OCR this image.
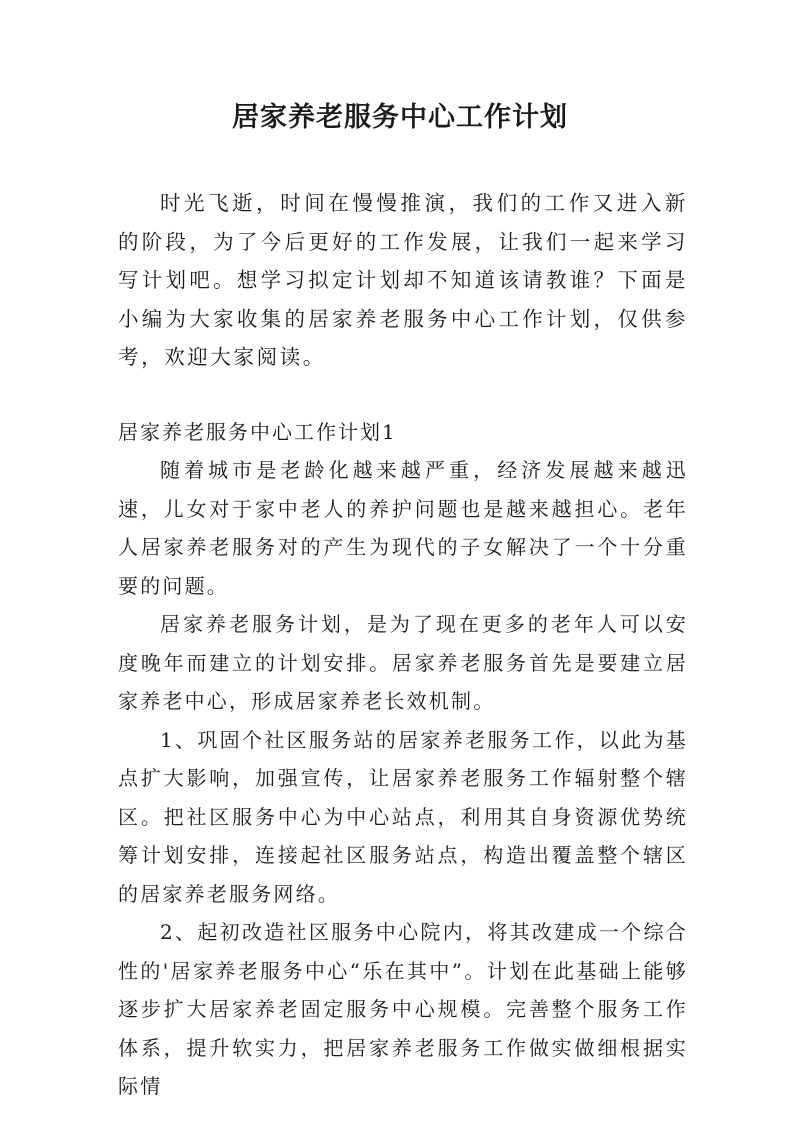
居家养老服务中心工作计划

时光飞逝，时间在慢慢推演，我们的工作又进入新的阶段，为了今后更好的工作发展，让我们一起来学习写计划吧。想学习拟定计划却不知道该请教谁？下面是小编为大家收集的居家养老服务中心工作计划，仅供参考，欢迎大家阅读。

居家养老服务中心工作计划1

随着城市是老龄化越来越严重，经济发展越来越迅速，儿女对于家中老人的养护问题也是越来越担心。老年人居家养老服务对的产生为现代的子女解决了一个十分重要的问题。

居家养老服务计划，是为了现在更多的老年人可以安度晚年而建立的计划安排。居家养老服务首先是要建立居家养老中心，形成居家养老长效机制。

1、巩固个社区服务站的居家养老服务工作，以此为基点扩大影响，加强宣传，让居家养老服务工作辐射整个辖区。把社区服务中心为中心站点，利用其自身资源优势统筹计划安排，连接起社区服务站点，构造出覆盖整个辖区的居家养老服务网络。

2、起初改造社区服务中心院内，将其改建成一个综合性的'居家养老服务中心“乐在其中”。计划在此基础上能够逐步扩大居家养老固定服务中心规模。完善整个服务工作体系，提升软实力，把居家养老服务工作做实做细根据实际情
